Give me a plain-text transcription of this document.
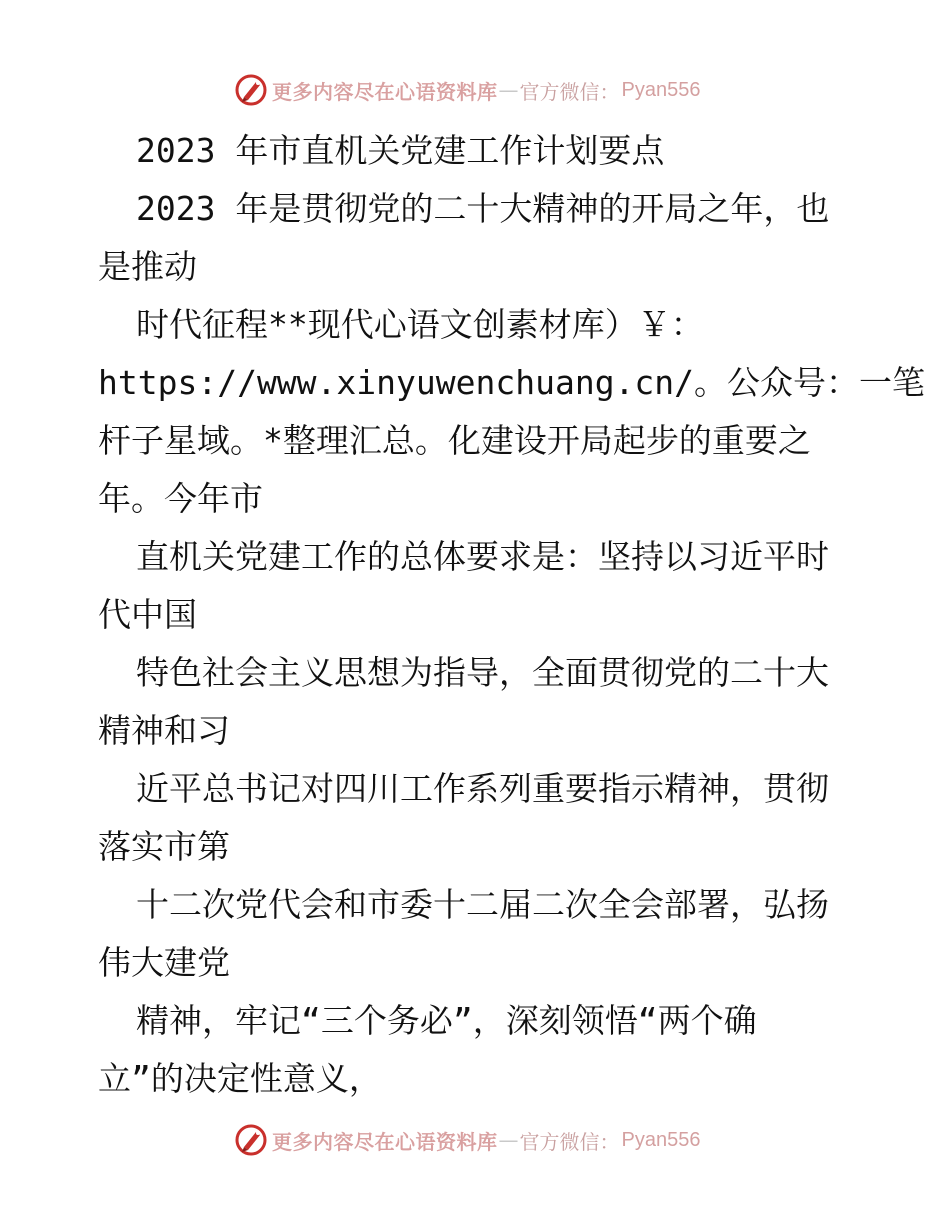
更多内容尽在心语资料库 — 官方微信： Pyan556

2023 年市直机关党建工作计划要点

2023 年是贯彻党的二十大精神的开局之年，也

是推动

时代征程**现代心语文创素材库）￥：

https://www.xinyuwenchuang.cn/。公众号：一笔

杆子星域。*整理汇总。化建设开局起步的重要之

年。今年市

直机关党建工作的总体要求是：坚持以习近平时

代中国

特色社会主义思想为指导，全面贯彻党的二十大

精神和习

近平总书记对四川工作系列重要指示精神，贯彻

落实市第

十二次党代会和市委十二届二次全会部署，弘扬

伟大建党

精神，牢记“三个务必”，深刻领悟“两个确

立”的决定性意义，

更多内容尽在心语资料库 — 官方微信： Pyan556
